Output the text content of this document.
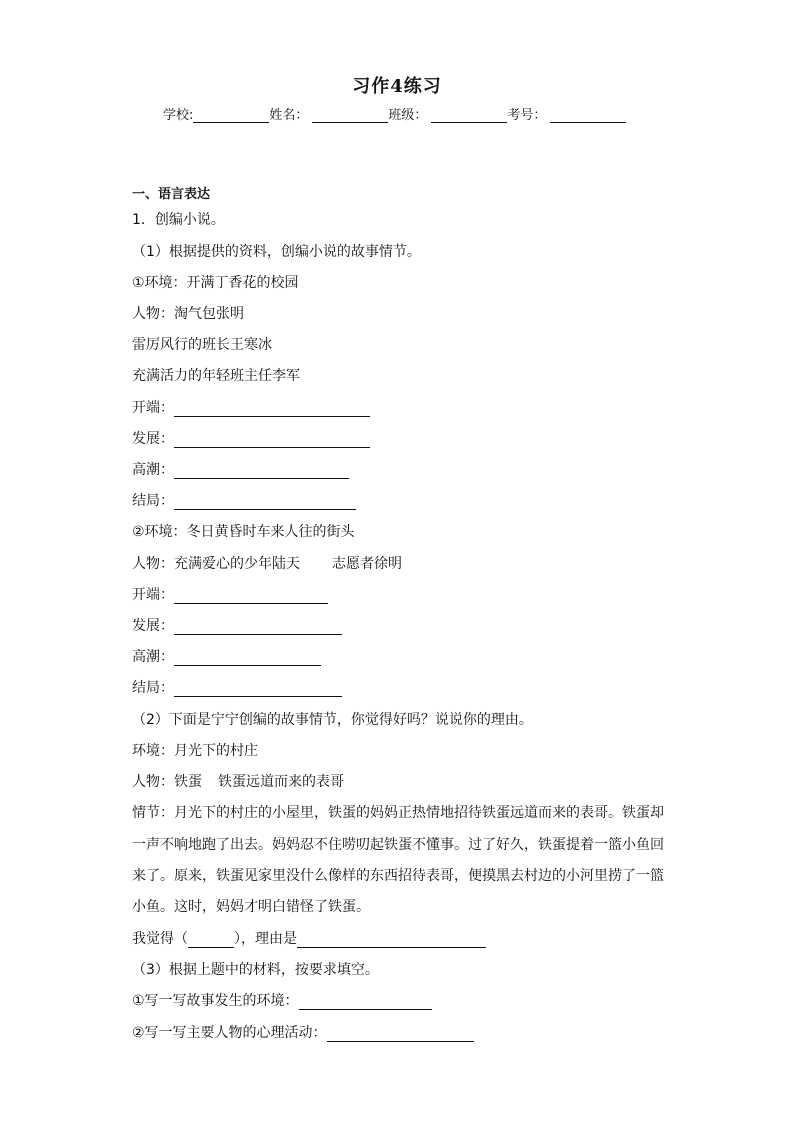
习作4练习
学校:	姓名：	班级：	考号：
一、语言表达
1．创编小说。
（1）根据提供的资料，创编小说的故事情节。
①环境：开满丁香花的校园
人物：淘气包张明
雷厉风行的班长王寒冰
充满活力的年轻班主任李军
开端：
发展：
高潮：
结局：
②环境：冬日黄昏时车来人往的街头
人物：充满爱心的少年陆天 志愿者徐明
开端：
发展：
高潮：
结局：
（2）下面是宁宁创编的故事情节，你觉得好吗？说说你的理由。
环境：月光下的村庄
人物：铁蛋 铁蛋远道而来的表哥
情节：月光下的村庄的小屋里，铁蛋的妈妈正热情地招待铁蛋远道而来的表哥。铁蛋却
一声不响地跑了出去。妈妈忍不住唠叨起铁蛋不懂事。过了好久，铁蛋提着一篮小鱼回
来了。原来，铁蛋见家里没什么像样的东西招待表哥，便摸黑去村边的小河里捞了一篮
小鱼。这时，妈妈才明白错怪了铁蛋。
我觉得（	），理由是
（3）根据上题中的材料，按要求填空。
①写一写故事发生的环境：
②写一写主要人物的心理活动：
